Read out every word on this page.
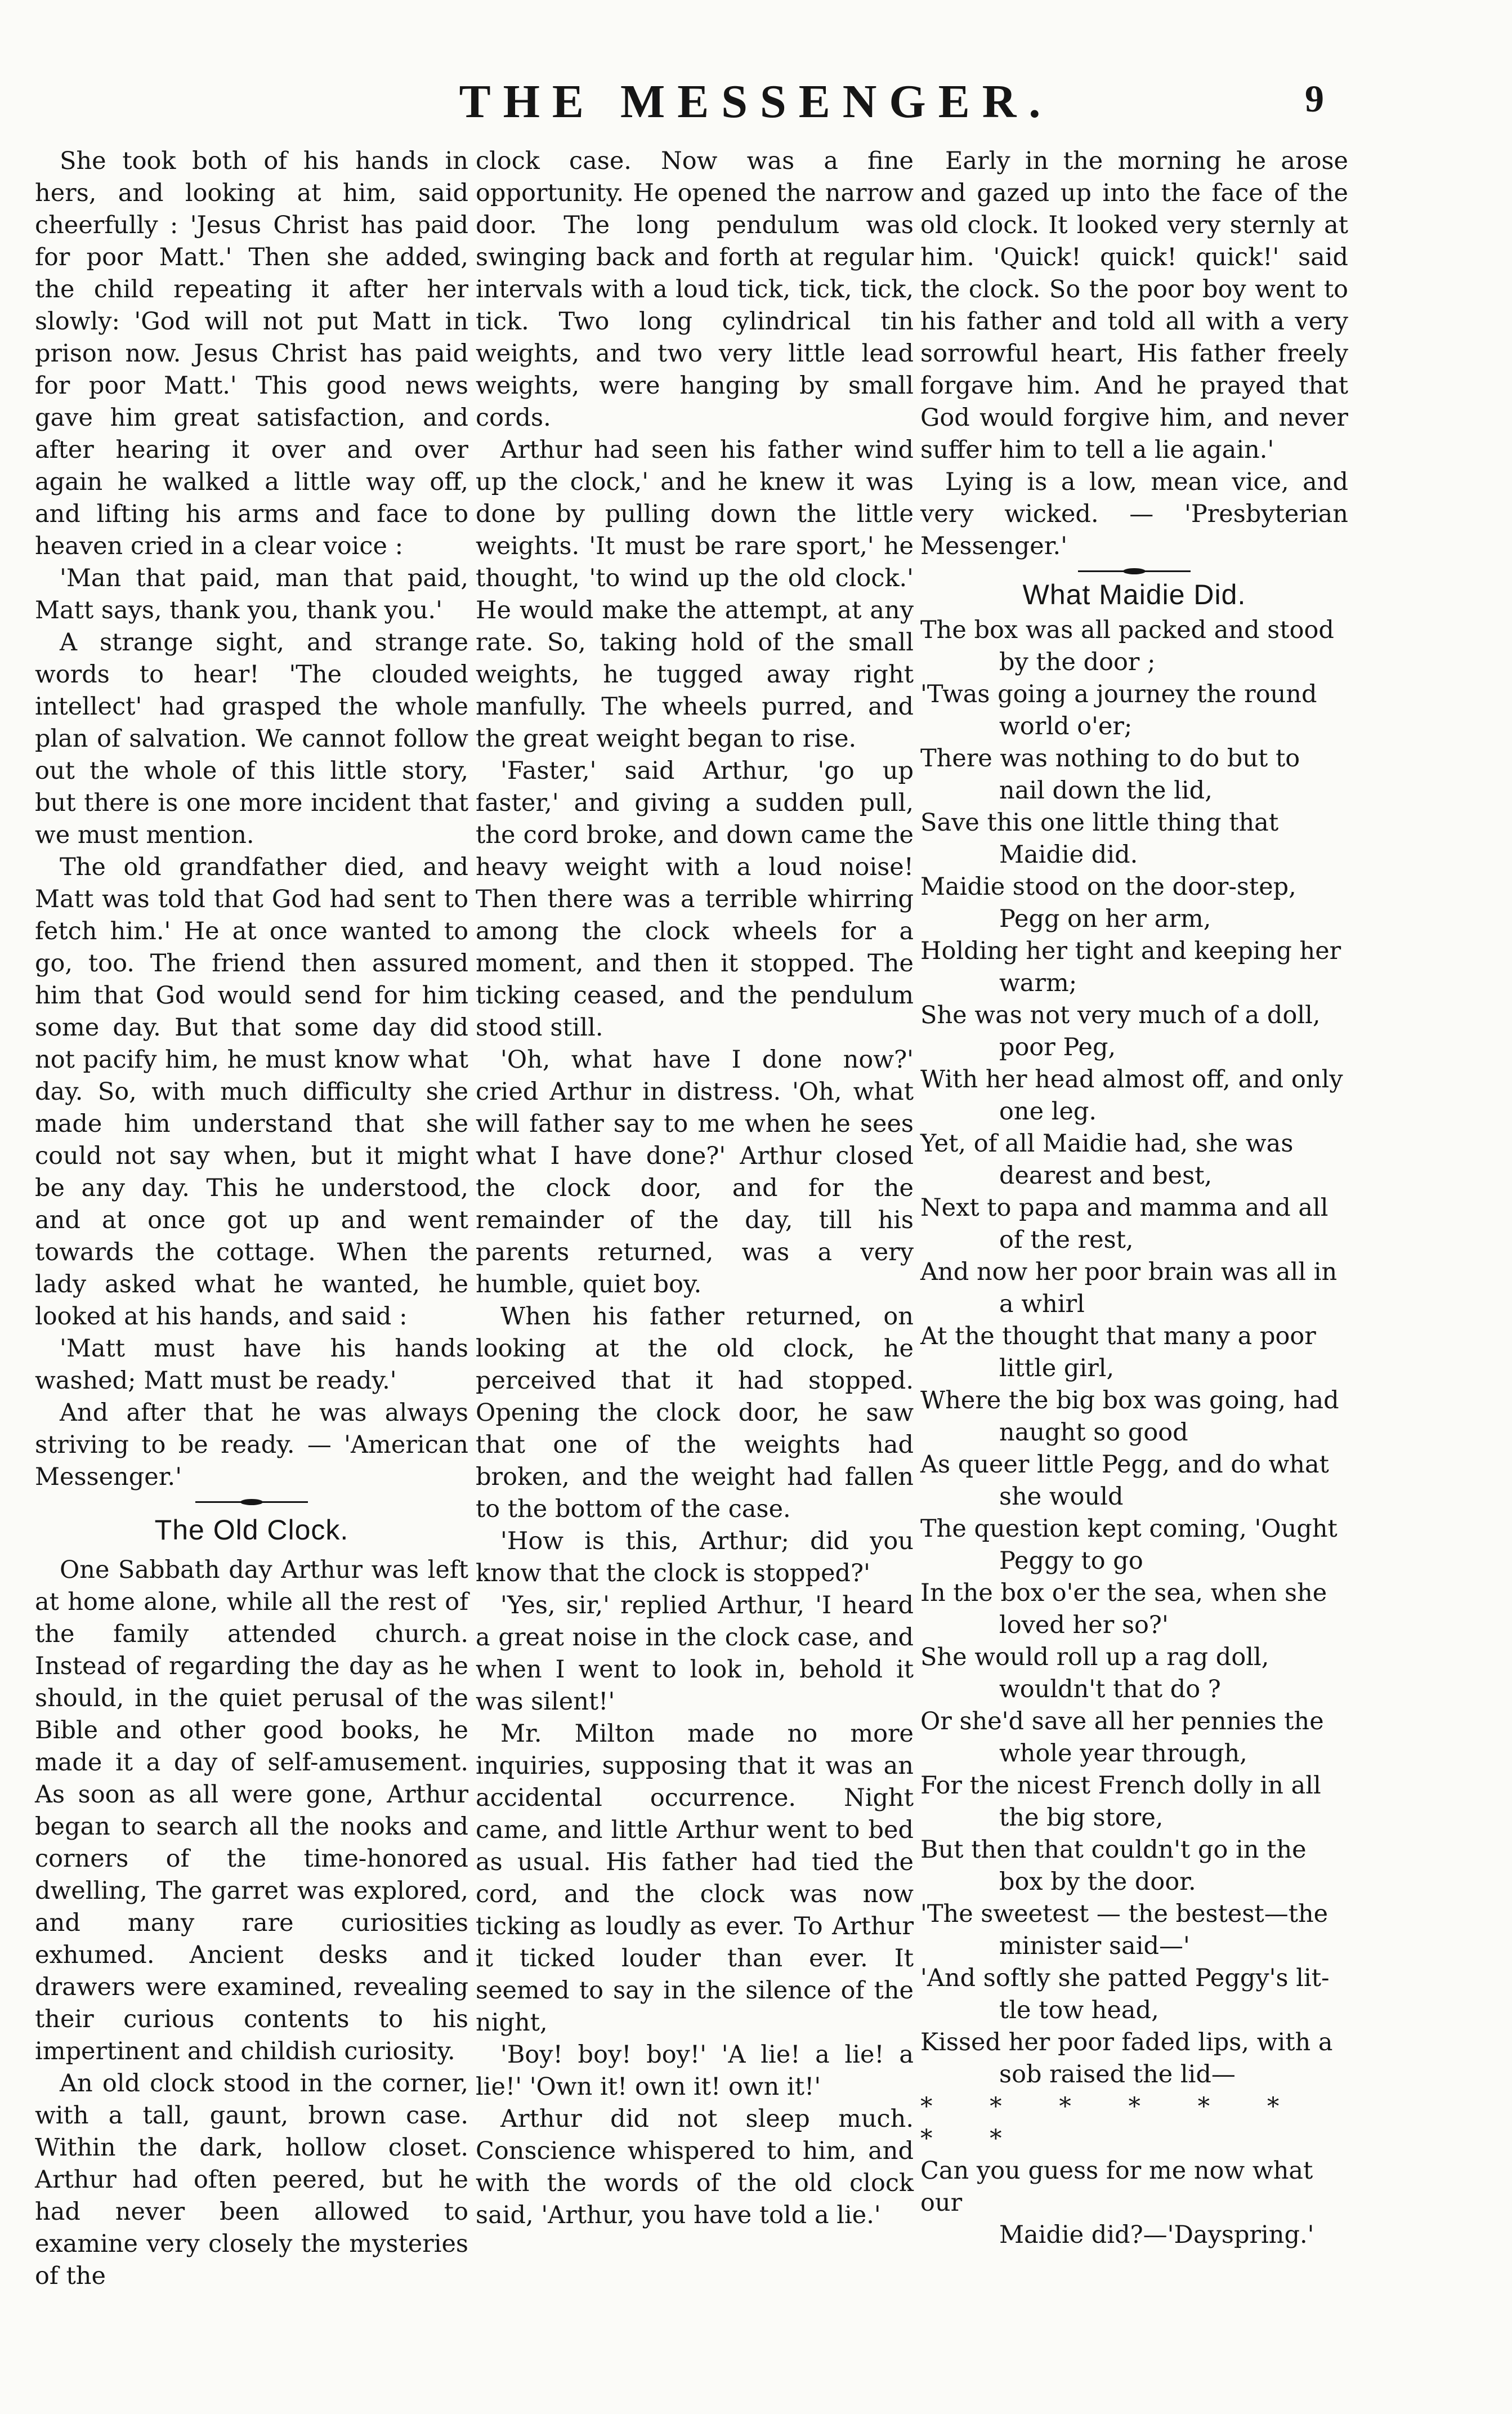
THE MESSENGER.	9

She took both of his hands in hers, and looking at him, said cheerfully : 'Jesus Christ has paid for poor Matt.' Then she added, the child repeating it after her slowly: 'God will not put Matt in prison now. Jesus Christ has paid for poor Matt.' This good news gave him great satisfaction, and after hearing it over and over again he walked a little way off, and lifting his arms and face to heaven cried in a clear voice :

'Man that paid, man that paid, Matt says, thank you, thank you.'

A strange sight, and strange words to hear! 'The clouded intellect' had grasped the whole plan of salvation. We cannot follow out the whole of this little story, but there is one more incident that we must mention.

The old grandfather died, and Matt was told that God had sent to fetch him.' He at once wanted to go, too. The friend then assured him that God would send for him some day. But that some day did not pacify him, he must know what day. So, with much difficulty she made him understand that she could not say when, but it might be any day. This he understood, and at once got up and went towards the cottage. When the lady asked what he wanted, he looked at his hands, and said :

'Matt must have his hands washed; Matt must be ready.'

And after that he was always striving to be ready. — 'American Messenger.'

The Old Clock.

One Sabbath day Arthur was left at home alone, while all the rest of the family attended church. Instead of regarding the day as he should, in the quiet perusal of the Bible and other good books, he made it a day of self-amusement. As soon as all were gone, Arthur began to search all the nooks and corners of the time-honored dwelling, The garret was explored, and many rare curiosities exhumed. Ancient desks and drawers were examined, revealing their curious contents to his impertinent and childish curiosity.

An old clock stood in the corner, with a tall, gaunt, brown case. Within the dark, hollow closet. Arthur had often peered, but he had never been allowed to examine very closely the mysteries of the

clock case. Now was a fine opportunity. He opened the narrow door. The long pendulum was swinging back and forth at regular intervals with a loud tick, tick, tick, tick. Two long cylindrical tin weights, and two very little lead weights, were hanging by small cords.

Arthur had seen his father wind up the clock,' and he knew it was done by pulling down the little weights. 'It must be rare sport,' he thought, 'to wind up the old clock.' He would make the attempt, at any rate. So, taking hold of the small weights, he tugged away right manfully. The wheels purred, and the great weight began to rise.

'Faster,' said Arthur, 'go up faster,' and giving a sudden pull, the cord broke, and down came the heavy weight with a loud noise! Then there was a terrible whirring among the clock wheels for a moment, and then it stopped. The ticking ceased, and the pendulum stood still.

'Oh, what have I done now?' cried Arthur in distress. 'Oh, what will father say to me when he sees what I have done?' Arthur closed the clock door, and for the remainder of the day, till his parents returned, was a very humble, quiet boy.

When his father returned, on looking at the old clock, he perceived that it had stopped. Opening the clock door, he saw that one of the weights had broken, and the weight had fallen to the bottom of the case.

'How is this, Arthur; did you know that the clock is stopped?'

'Yes, sir,' replied Arthur, 'I heard a great noise in the clock case, and when I went to look in, behold it was silent!'

Mr. Milton made no more inquiries, supposing that it was an accidental occurrence. Night came, and little Arthur went to bed as usual. His father had tied the cord, and the clock was now ticking as loudly as ever. To Arthur it ticked louder than ever. It seemed to say in the silence of the night,

'Boy! boy! boy!' 'A lie! a lie! a lie!' 'Own it! own it! own it!'

Arthur did not sleep much. Conscience whispered to him, and with the words of the old clock said, 'Arthur, you have told a lie.'

Early in the morning he arose and gazed up into the face of the old clock. It looked very sternly at him. 'Quick! quick! quick!' said the clock. So the poor boy went to his father and told all with a very sorrowful heart, His father freely forgave him. And he prayed that God would forgive him, and never suffer him to tell a lie again.'

Lying is a low, mean vice, and very wicked. — 'Presbyterian Messenger.'

What Maidie Did.

The box was all packed and stood

by the door ;

'Twas going a journey the round

world o'er;

There was nothing to do but to

nail down the lid,

Save this one little thing that

Maidie did.

Maidie stood on the door-step,

Pegg on her arm,

Holding her tight and keeping her

warm;

She was not very much of a doll,

poor Peg,

With her head almost off, and only

one leg.

Yet, of all Maidie had, she was

dearest and best,

Next to papa and mamma and all

of the rest,

And now her poor brain was all in

a whirl

At the thought that many a poor

little girl,

Where the big box was going, had

naught so good

As queer little Pegg, and do what

she would

The question kept coming, 'Ought

Peggy to go

In the box o'er the sea, when she

loved her so?'

She would roll up a rag doll,

wouldn't that do ?

Or she'd save all her pennies the

whole year through,

For the nicest French dolly in all

the big store,

But then that couldn't go in the

box by the door.

'The sweetest — the bestest—the

minister said—'

'And softly she patted Peggy's lit-

tle tow head,

Kissed her poor faded lips, with a

sob raised the lid—

* * * * * * * *

Can you guess for me now what our

Maidie did?—'Dayspring.'
